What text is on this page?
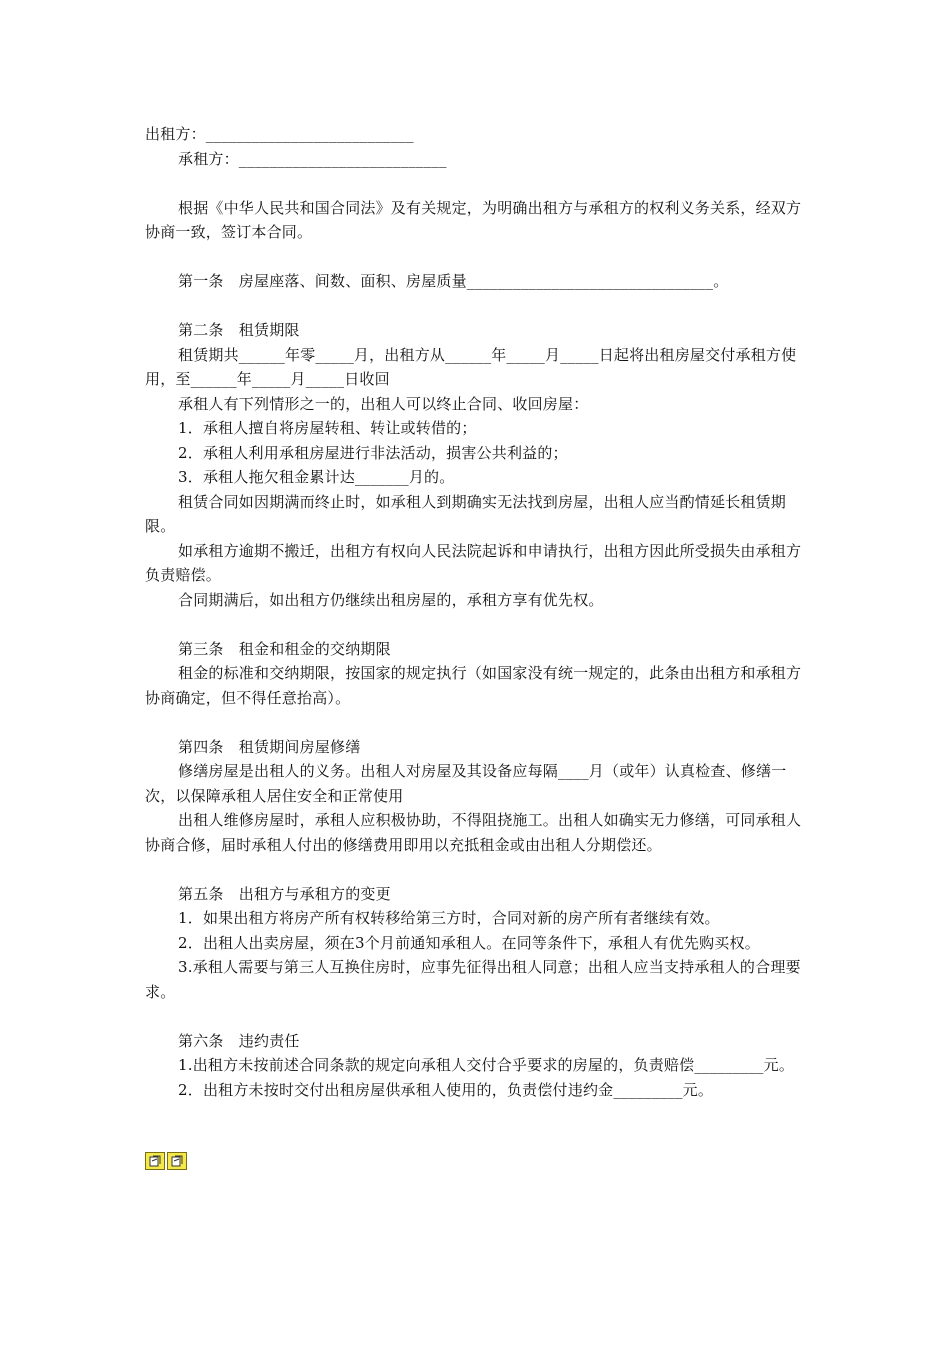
出租方：___________________________
承租方：___________________________
根据《中华人民共和国合同法》及有关规定，为明确出租方与承租方的权利义务关系，经双方协商一致，签订本合同。
第一条　房屋座落、间数、面积、房屋质量________________________________。
第二条　租赁期限
租赁期共______年零_____月，出租方从______年_____月_____日起将出租房屋交付承租方使用，至______年_____月_____日收回
承租人有下列情形之一的，出租人可以终止合同、收回房屋：
1．承租人擅自将房屋转租、转让或转借的；
2．承租人利用承租房屋进行非法活动，损害公共利益的；
3．承租人拖欠租金累计达_______月的。
租赁合同如因期满而终止时，如承租人到期确实无法找到房屋，出租人应当酌情延长租赁期限。
如承租方逾期不搬迁，出租方有权向人民法院起诉和申请执行，出租方因此所受损失由承租方负责赔偿。
合同期满后，如出租方仍继续出租房屋的，承租方享有优先权。
第三条　租金和租金的交纳期限
租金的标准和交纳期限，按国家的规定执行（如国家没有统一规定的，此条由出租方和承租方协商确定，但不得任意抬高）。
第四条　租赁期间房屋修缮
修缮房屋是出租人的义务。出租人对房屋及其设备应每隔____月（或年）认真检查、修缮一次，以保障承租人居住安全和正常使用
出租人维修房屋时，承租人应积极协助，不得阻挠施工。出租人如确实无力修缮，可同承租人协商合修，届时承租人付出的修缮费用即用以充抵租金或由出租人分期偿还。
第五条　出租方与承租方的变更
1．如果出租方将房产所有权转移给第三方时，合同对新的房产所有者继续有效。
2．出租人出卖房屋，须在3个月前通知承租人。在同等条件下，承租人有优先购买权。
3.承租人需要与第三人互换住房时，应事先征得出租人同意；出租人应当支持承租人的合理要求。
第六条　违约责任
1.出租方未按前述合同条款的规定向承租人交付合乎要求的房屋的，负责赔偿_________元。
2．出租方未按时交付出租房屋供承租人使用的，负责偿付违约金_________元。
